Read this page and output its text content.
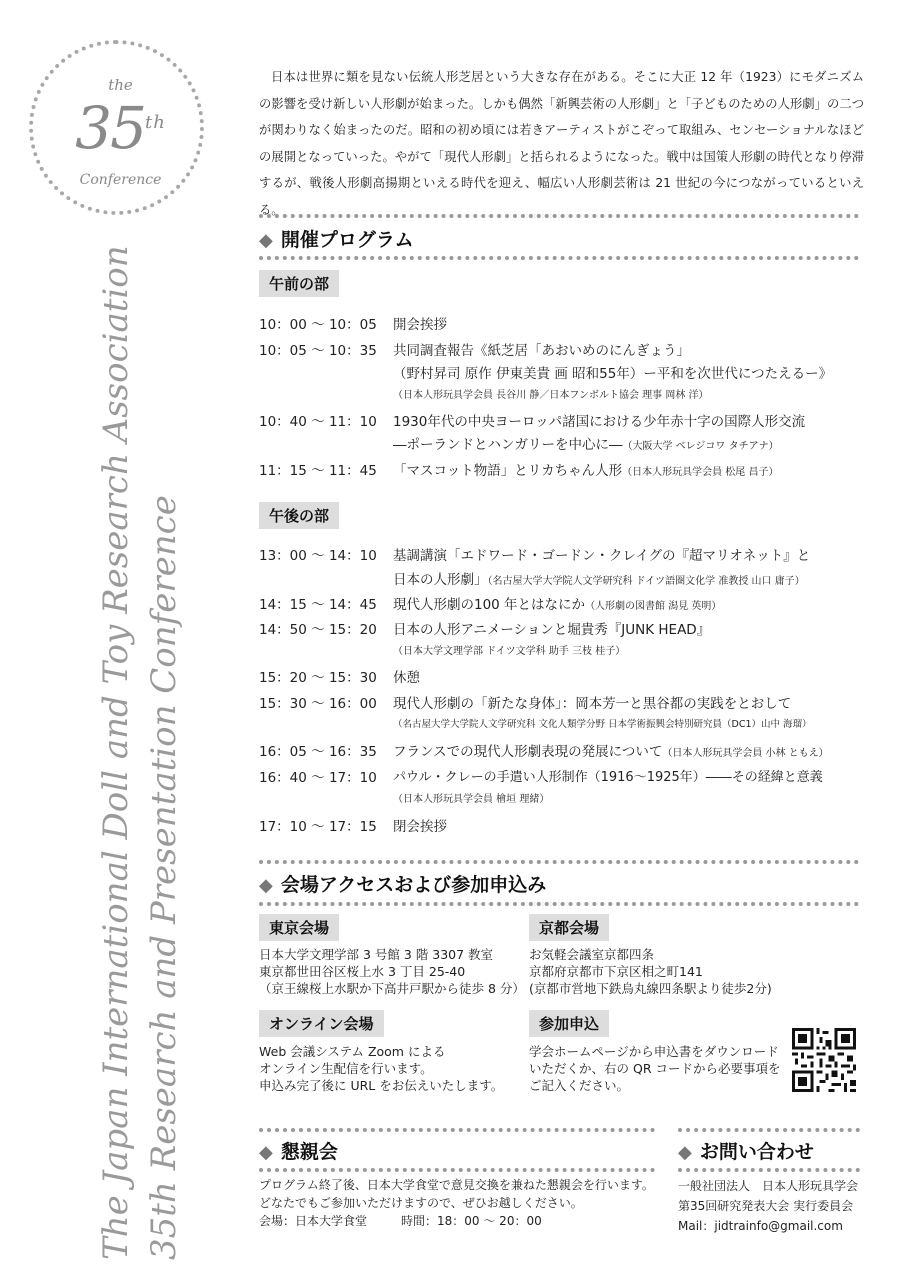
the
35th
Conference
The Japan International Doll and Toy Research Association 35th Research and Presentation Conference
日本は世界に類を見ない伝統人形芝居という大きな存在がある。そこに大正 12 年（1923）にモダニズムの影響を受け新しい人形劇が始まった。しかも偶然「新興芸術の人形劇」と「子どものための人形劇」の二つが関わりなく始まったのだ。昭和の初め頃には若きアーティストがこぞって取組み、センセーショナルなほどの展開となっていった。やがて「現代人形劇」と括られるようになった。戦中は国策人形劇の時代となり停滞するが、戦後人形劇高揚期といえる時代を迎え、幅広い人形劇芸術は 21 世紀の今につながっているといえる。
◆ 開催プログラム
午前の部
10：00 〜 10：05	開会挨拶
10：05 〜 10：35	共同調査報告《紙芝居「あおいめのにんぎょう」
（野村昇司 原作 伊東美貴 画 昭和55年）ー平和を次世代につたえるー》
（日本人形玩具学会員 長谷川 静／日本フンボルト協会 理事 岡林 洋）
10：40 〜 11：10	1930年代の中央ヨーロッパ諸国における少年赤十字の国際人形交流
―ポーランドとハンガリーを中心に―（大阪大学 ベレジコワ タチアナ）
11：15 〜 11：45	「マスコット物語」とリカちゃん人形（日本人形玩具学会員 松尾 昌子）
午後の部
13：00 〜 14：10	基調講演「エドワード・ゴードン・クレイグの『超マリオネット』と
日本の人形劇」（名古屋大学大学院人文学研究科 ドイツ語圏文化学 准教授 山口 庸子）
14：15 〜 14：45	現代人形劇の100 年とはなにか（人形劇の図書館 潟見 英明）
14：50 〜 15：20	日本の人形アニメーションと堀貴秀『JUNK HEAD』
（日本大学文理学部 ドイツ文学科 助手 三枝 桂子）
15：20 〜 15：30	休憩
15：30 〜 16：00	現代人形劇の「新たな身体」：岡本芳一と黒谷都の実践をとおして
（名古屋大学大学院人文学研究科 文化人類学分野 日本学術振興会特別研究員（DC1）山中 海瑠）
16：05 〜 16：35	フランスでの現代人形劇表現の発展について（日本人形玩具学会員 小林 ともえ）
16：40 〜 17：10	パウル・クレーの手遣い人形制作（1916〜1925年）――その経緯と意義
（日本人形玩具学会員 檜垣 理緒）
17：10 〜 17：15	閉会挨拶
◆ 会場アクセスおよび参加申込み
東京会場
日本大学文理学部 3 号館 3 階 3307 教室
東京都世田谷区桜上水 3 丁目 25-40
（京王線桜上水駅か下高井戸駅から徒歩 8 分）
京都会場
お気軽会議室京都四条
京都府京都市下京区相之町141
(京都市営地下鉄烏丸線四条駅より徒歩2分)
オンライン会場
Web 会議システム Zoom による
オンライン生配信を行います。
申込み完了後に URL をお伝えいたします。
参加申込
学会ホームページから申込書をダウンロード
いただくか、右の QR コードから必要事項を
ご記入ください。
◆ 懇親会
プログラム終了後、日本大学食堂で意見交換を兼ねた懇親会を行います。
どなたでもご参加いただけますので、ぜひお越しください。
会場：日本大学食堂	時間：18：00 〜 20：00
◆ お問い合わせ
一般社団法人　日本人形玩具学会
第35回研究発表大会 実行委員会
Mail：jidtrainfo@gmail.com
